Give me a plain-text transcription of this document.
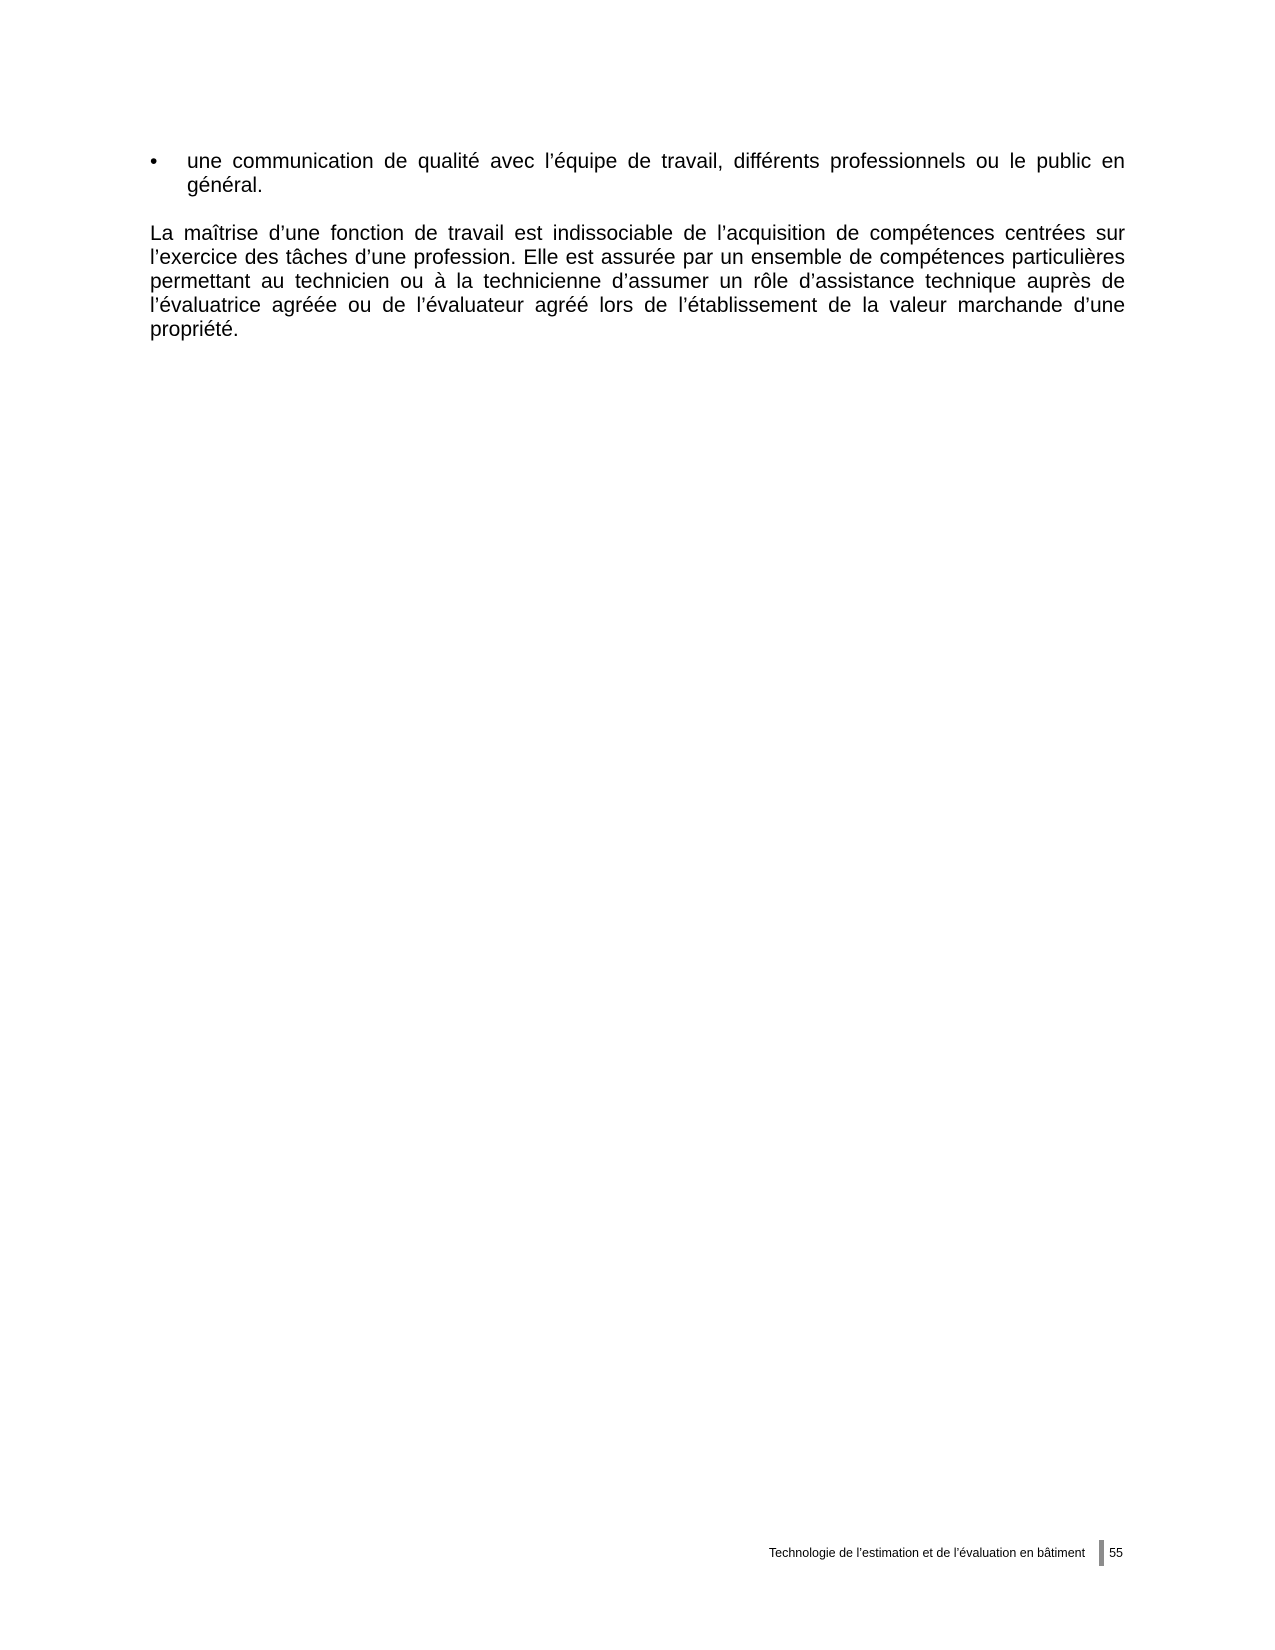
•	une communication de qualité avec l’équipe de travail, différents professionnels ou le public en général.

La maîtrise d’une fonction de travail est indissociable de l’acquisition de compétences centrées sur l’exercice des tâches d’une profession. Elle est assurée par un ensemble de compétences particulières permettant au technicien ou à la technicienne d’assumer un rôle d’assistance technique auprès de l’évaluatrice agréée ou de l’évaluateur agréé lors de l’établissement de la valeur marchande d’une propriété.

Technologie de l’estimation et de l’évaluation en bâtiment 55
